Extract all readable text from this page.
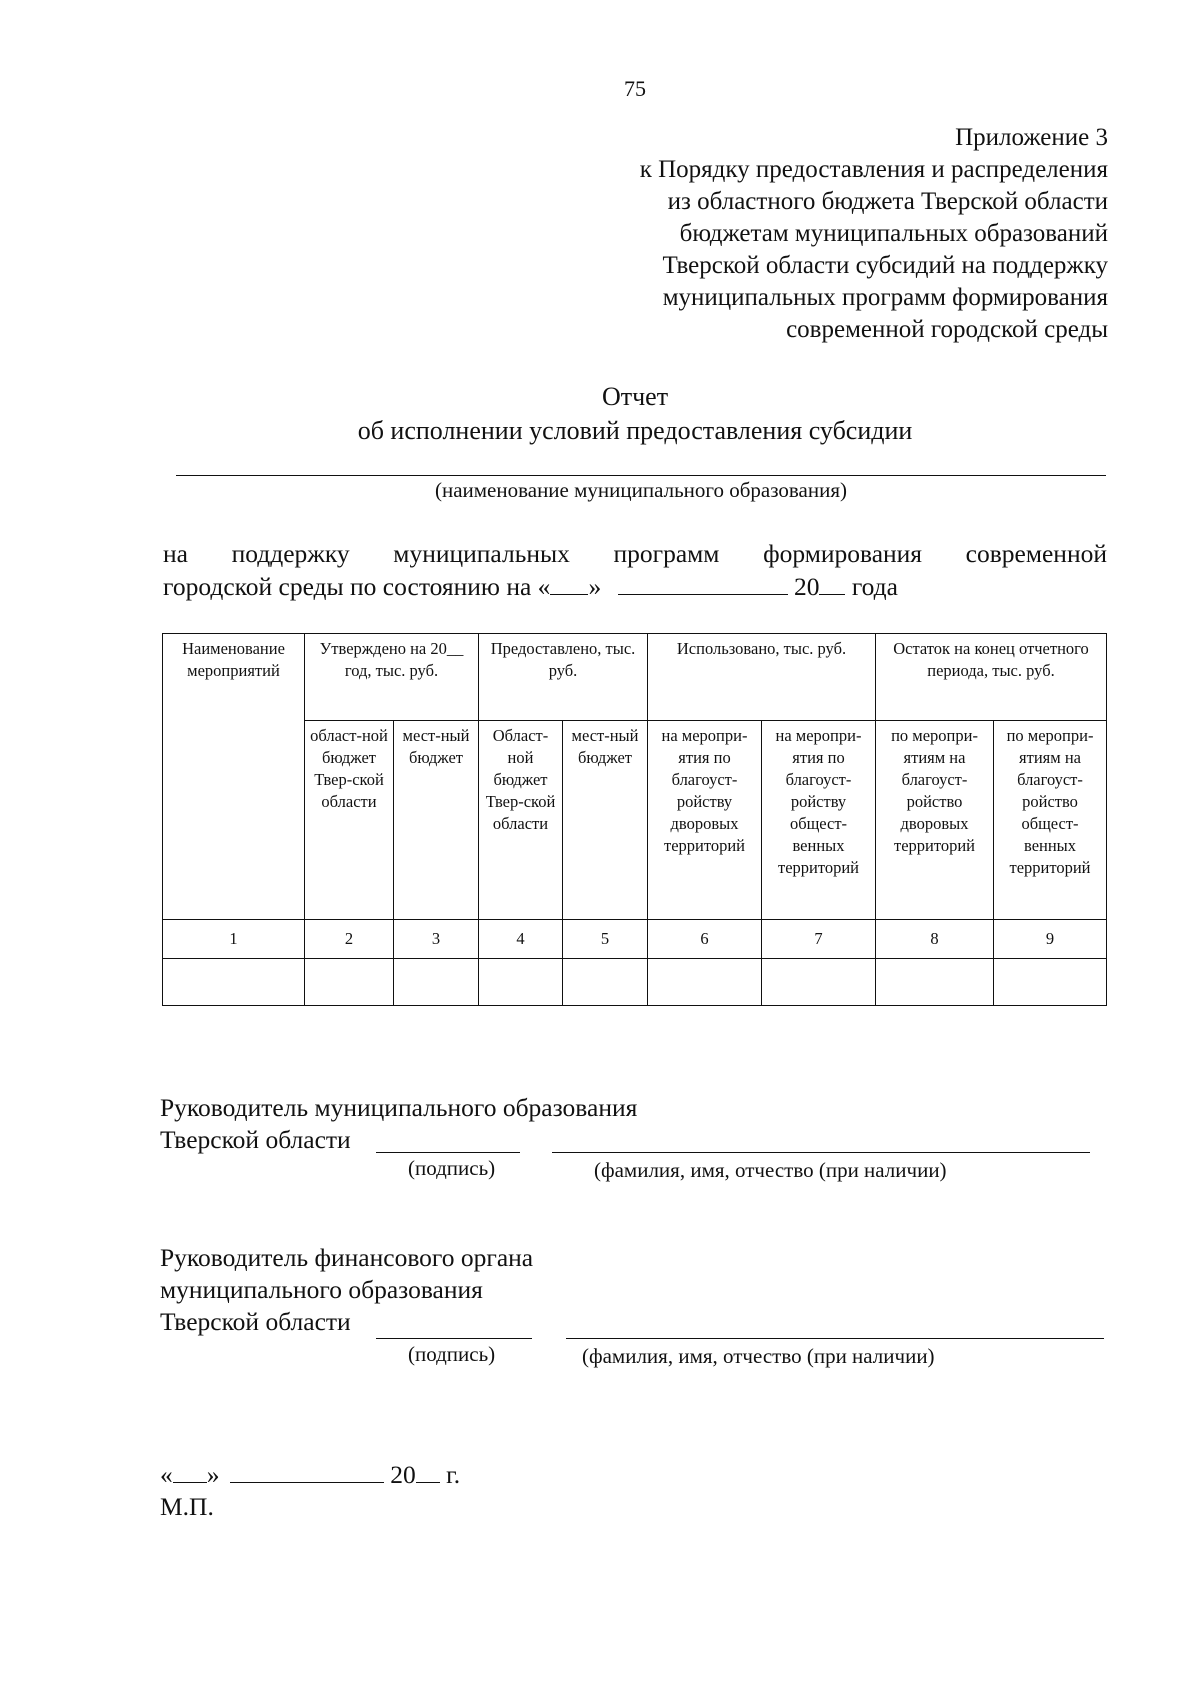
75
Приложение 3
к Порядку предоставления и распределения
из областного бюджета Тверской области
бюджетам муниципальных образований
Тверской области субсидий на поддержку
муниципальных программ формирования
современной городской среды
Отчет
об исполнении условий предоставления субсидии
(наименование муниципального образования)
на поддержку муниципальных программ формирования современной
городской среды по состоянию на « »	20 года
Наименование мероприятий	Утверждено на 20__ год, тыс. руб.		Предоставлено, тыс. руб.		Использовано, тыс. руб.		Остаток на конец отчетного периода, тыс. руб.	
	област-ной бюджет Твер-ской области	мест-ный бюджет	Област-ной бюджет Твер-ской области	мест-ный бюджет	на меропри-ятия по благоуст-ройству дворовых территорий	на меропри-ятия по благоуст-ройству общест-венных территорий	по меропри-ятиям на благоуст-ройство дворовых территорий	по меропри-ятиям на благоуст-ройство общест-венных территорий
1	2	3	4	5	6	7	8	9

Руководитель муниципального образования
Тверской области
(подпись)	(фамилия, имя, отчество (при наличии)
Руководитель финансового органа
муниципального образования
Тверской области
(подпись)	(фамилия, имя, отчество (при наличии)
« »	20 г.
М.П.
